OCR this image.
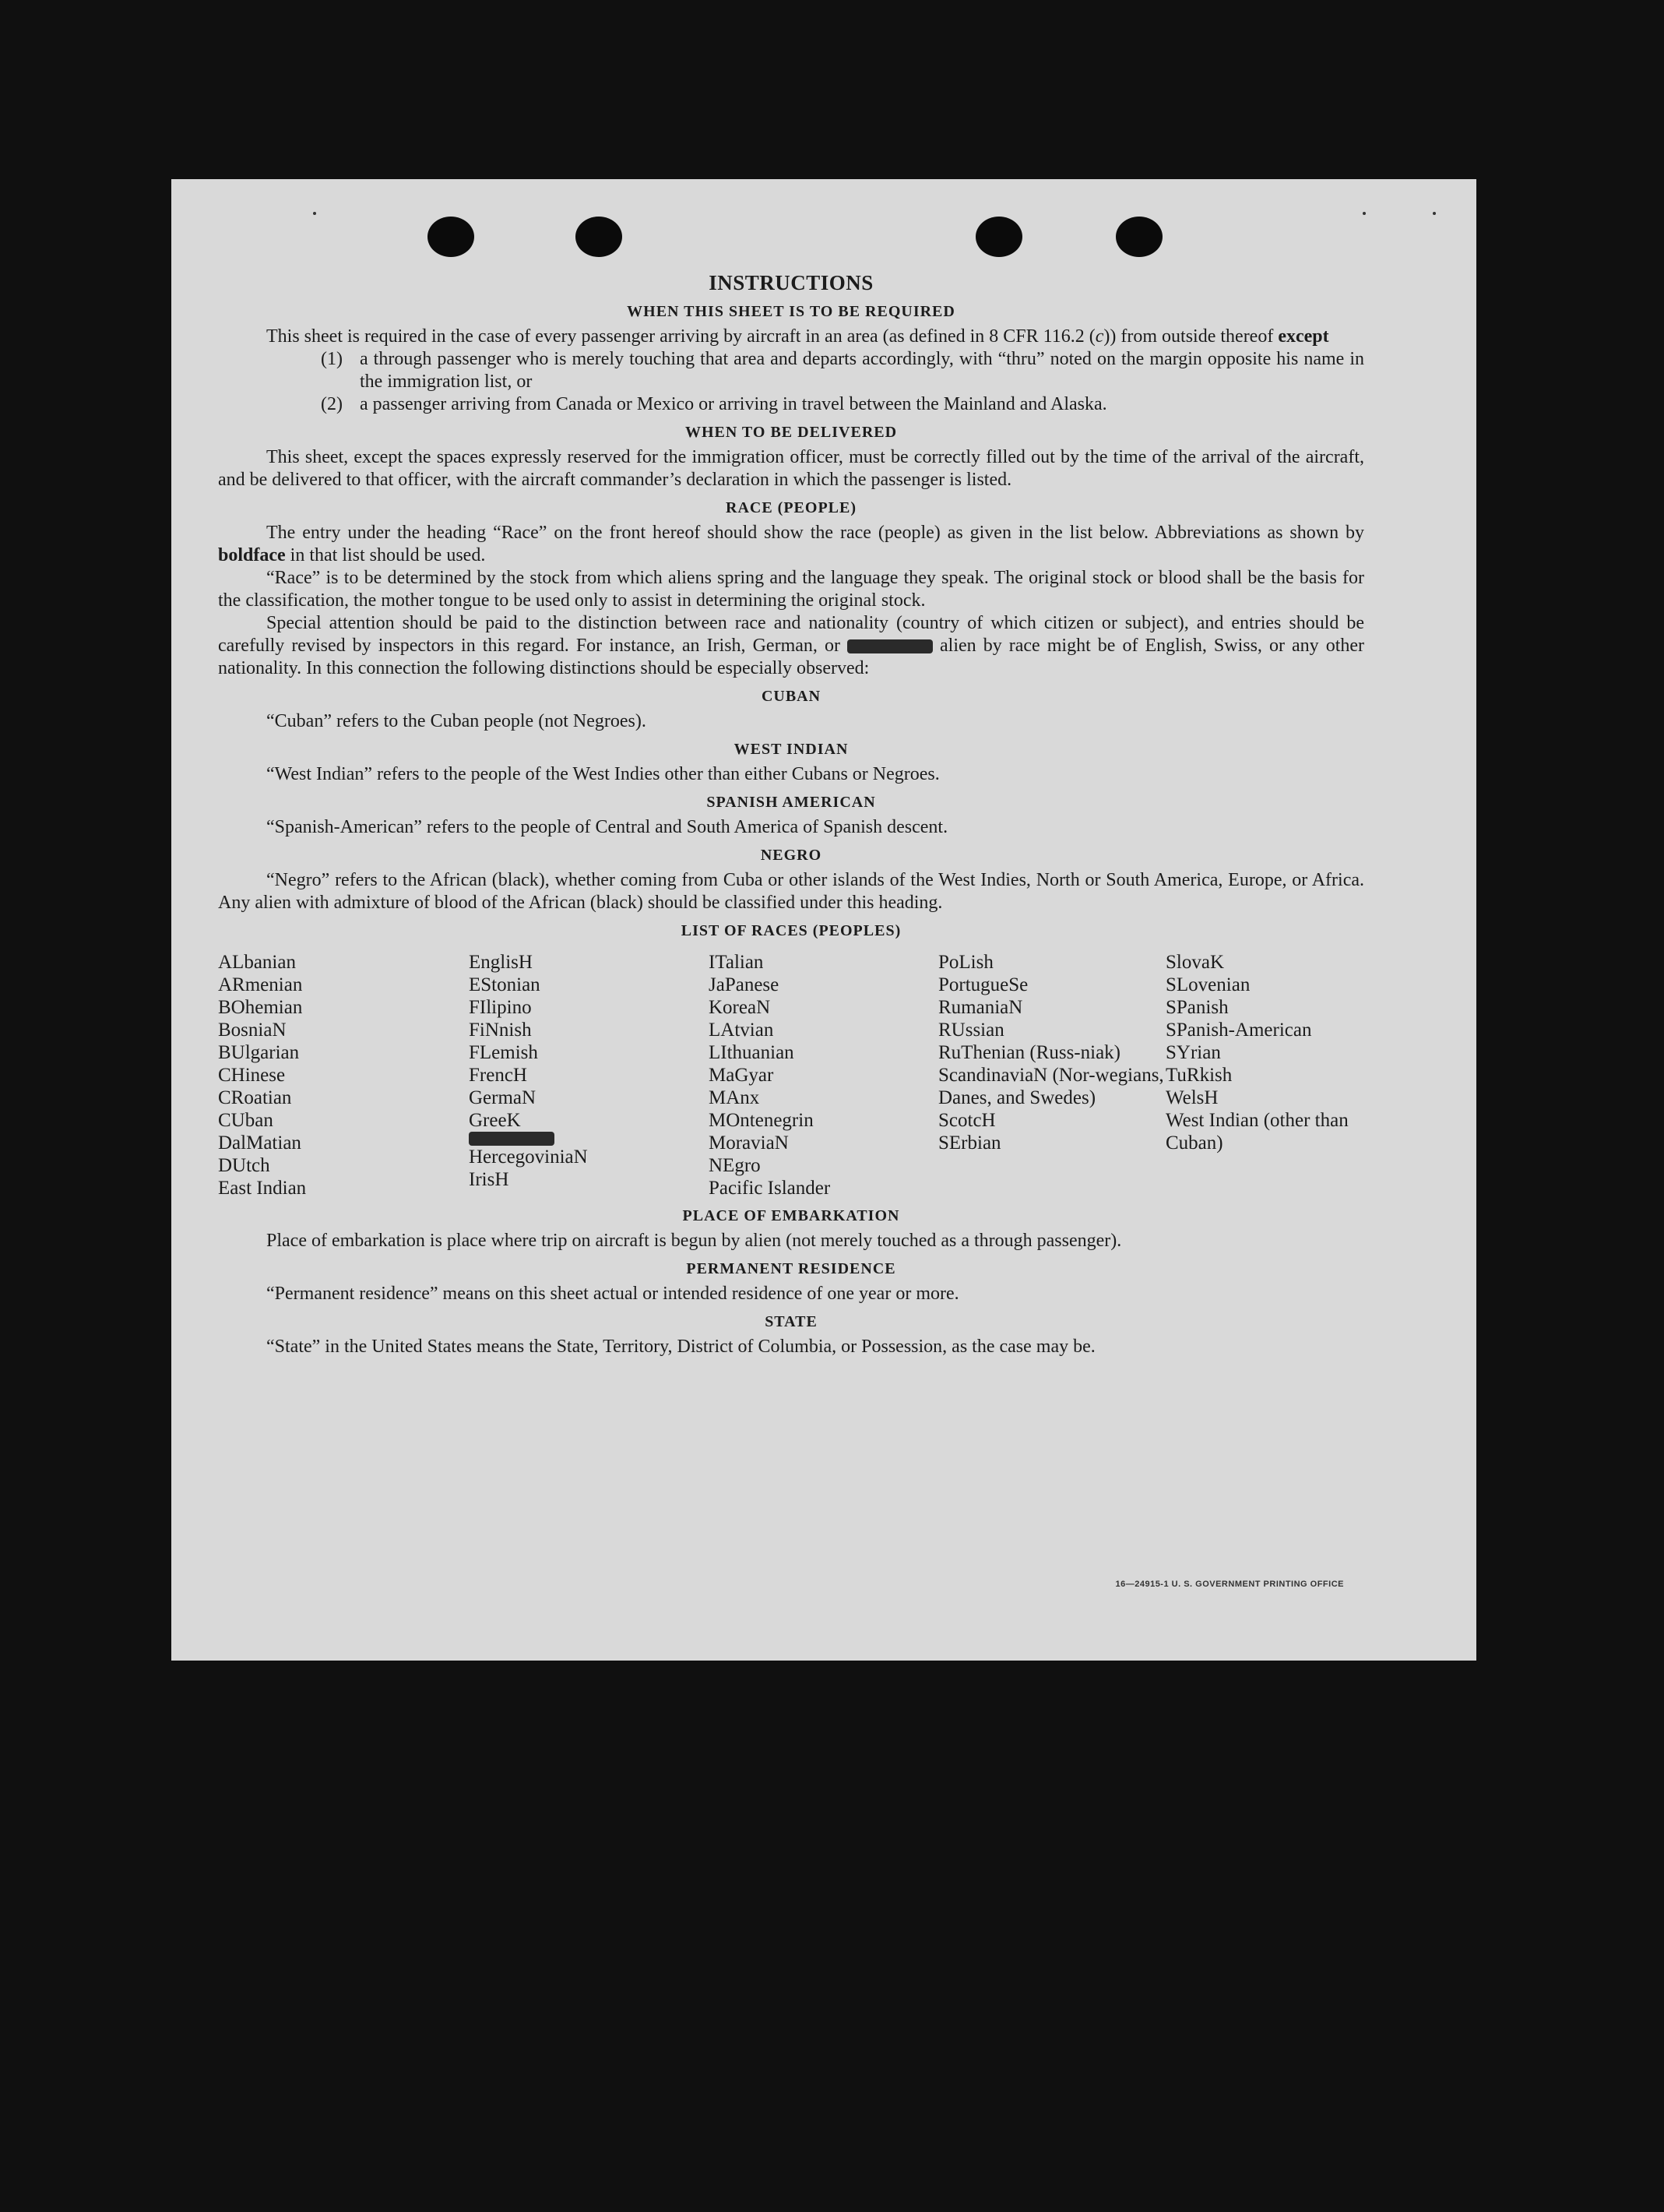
INSTRUCTIONS
WHEN THIS SHEET IS TO BE REQUIRED

This sheet is required in the case of every passenger arriving by aircraft in an area (as defined in 8 CFR 116.2 (c)) from outside thereof except

(1) a through passenger who is merely touching that area and departs accordingly, with “thru” noted on the margin opposite his name in the immigration list, or
(2) a passenger arriving from Canada or Mexico or arriving in travel between the Mainland and Alaska.
WHEN TO BE DELIVERED

This sheet, except the spaces expressly reserved for the immigration officer, must be correctly filled out by the time of the arrival of the aircraft, and be delivered to that officer, with the aircraft commander’s declaration in which the passenger is listed.

RACE (PEOPLE)

The entry under the heading “Race” on the front hereof should show the race (people) as given in the list below. Abbreviations as shown by boldface in that list should be used.

“Race” is to be determined by the stock from which aliens spring and the language they speak. The original stock or blood shall be the basis for the classification, the mother tongue to be used only to assist in determining the original stock.

Special attention should be paid to the distinction between race and nationality (country of which citizen or subject), and entries should be carefully revised by inspectors in this regard. For instance, an Irish, German, or	alien by race might be of English, Swiss, or any other nationality. In this connection the following distinctions should be especially observed:

CUBAN

“Cuban” refers to the Cuban people (not Negroes).

WEST INDIAN

“West Indian” refers to the people of the West Indies other than either Cubans or Negroes.

SPANISH AMERICAN

“Spanish-American” refers to the people of Central and South America of Spanish descent.

NEGRO

“Negro” refers to the African (black), whether coming from Cuba or other islands of the West Indies, North or South America, Europe, or Africa. Any alien with admixture of blood of the African (black) should be classified under this heading.

LIST OF RACES (PEOPLES)
ALbanian
ARmenian
BOhemian
BosniaN
BUlgarian
CHinese
CRoatian
CUban
DalMatian
DUtch
East Indian
EnglisH
EStonian
FIlipino
FiNnish
FLemish
FrencH
GermaN
GreeK
HercegoviniaN
IrisH
ITalian
JaPanese
KoreaN
LAtvian
LIthuanian
MaGyar
MAnx
MOntenegrin
MoraviaN
NEgro
Pacific Islander
PoLish
PortugueSe
RumaniaN
RUssian
RuThenian (Russ-niak)
ScandinaviaN (Nor-wegians, Danes, and Swedes)
ScotcH
SErbian
SlovaK
SLovenian
SPanish
SPanish-American
SYrian
TuRkish
WelsH
West Indian (other than Cuban)
PLACE OF EMBARKATION

Place of embarkation is place where trip on aircraft is begun by alien (not merely touched as a through passenger).

PERMANENT RESIDENCE

“Permanent residence” means on this sheet actual or intended residence of one year or more.

STATE

“State” in the United States means the State, Territory, District of Columbia, or Possession, as the case may be.

16—24915-1 U. S. GOVERNMENT PRINTING OFFICE
